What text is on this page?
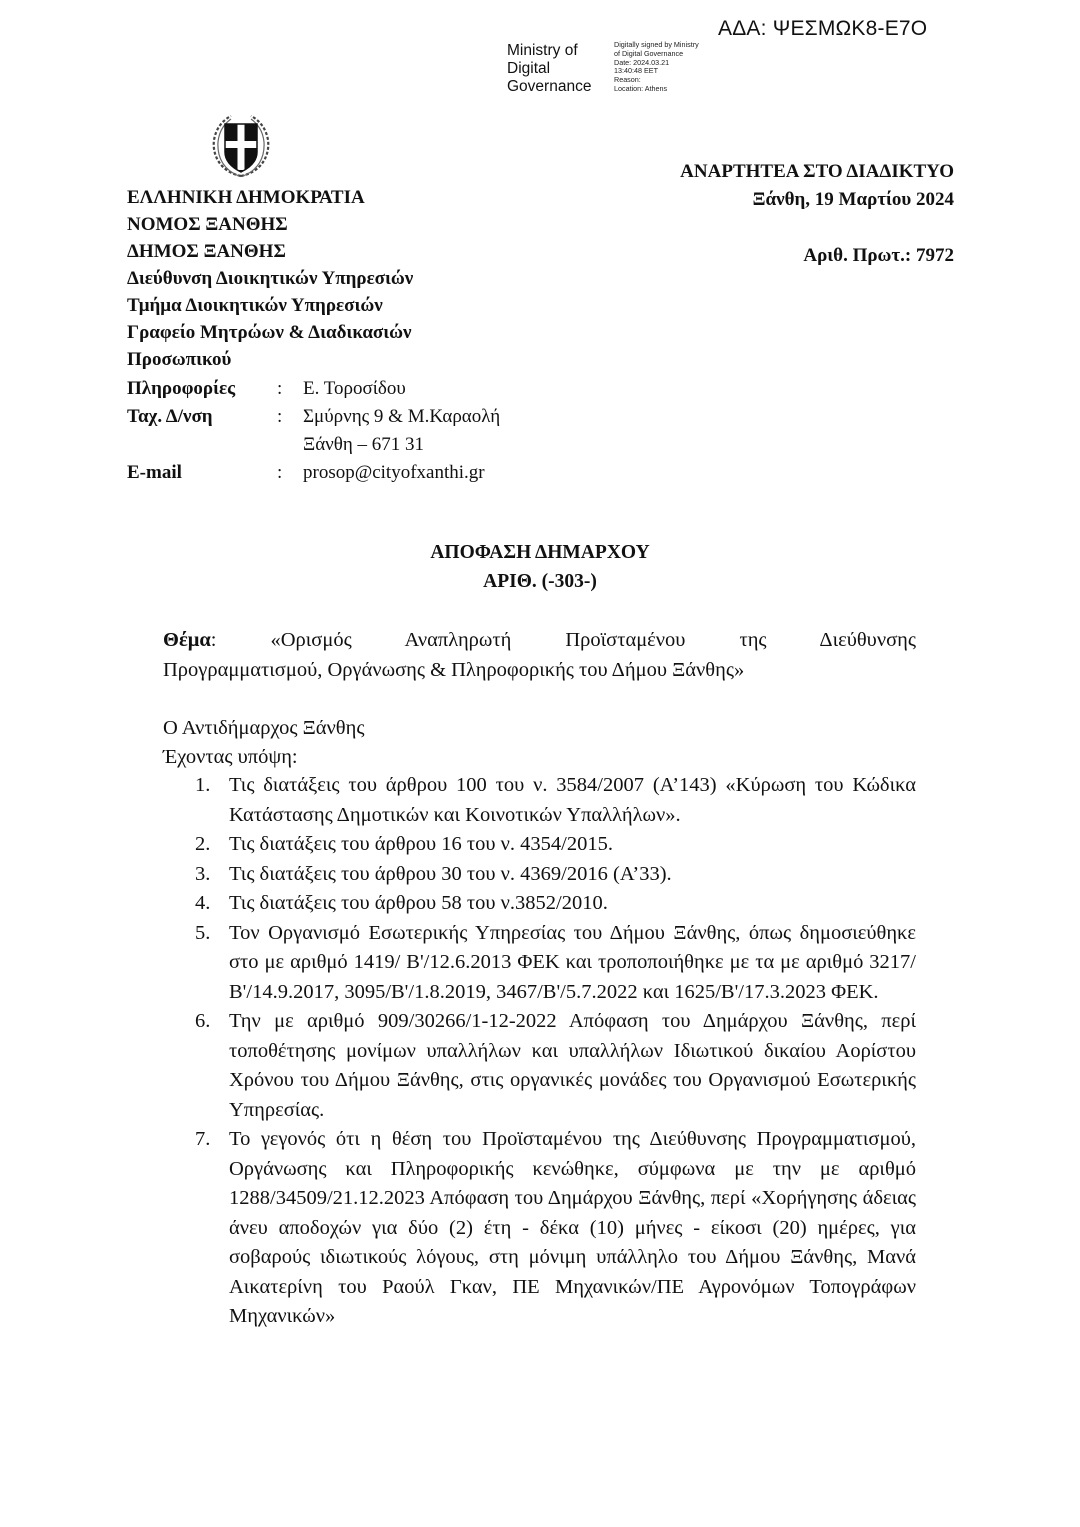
ΑΔΑ: ΨΕΣΜΩΚ8-Ε7Ο
Ministry of
Digital
Governance
Digitally signed by Ministry
of Digital Governance
Date: 2024.03.21
13:40:48 EET
Reason:
Location: Athens
ΕΛΛΗΝΙΚΗ ΔΗΜΟΚΡΑΤΙΑ
ΝΟΜΟΣ ΞΑΝΘΗΣ
ΔΗΜΟΣ ΞΑΝΘΗΣ
Διεύθυνση Διοικητικών Υπηρεσιών
Τμήμα Διοικητικών Υπηρεσιών
Γραφείο Μητρώων & Διαδικασιών
Προσωπικού
ΑΝΑΡΤΗΤΕΑ ΣΤΟ ΔΙΑΔΙΚΤΥΟ
Ξάνθη, 19 Μαρτίου 2024
Αριθ. Πρωτ.: 7972
Πληροφορίες	:	Ε. Τοροσίδου
Ταχ. Δ/νση	:	Σμύρνης 9 & Μ.Καραολή
Ξάνθη – 671 31
E-mail	:	prosop@cityofxanthi.gr
ΑΠΟΦΑΣΗ ΔΗΜΑΡΧΟΥ
ΑΡΙΘ. (-303-)
Θέμα: «Ορισμός Αναπληρωτή Προϊσταμένου της Διεύθυνσης
Προγραμματισμού, Οργάνωσης & Πληροφορικής του Δήμου Ξάνθης»
Ο Αντιδήμαρχος Ξάνθης
Έχοντας υπόψη:
1. Τις διατάξεις του άρθρου 100 του ν. 3584/2007 (Α’143) «Κύρωση του Κώδικα Κατάστασης Δημοτικών και Κοινοτικών Υπαλλήλων».
2. Τις διατάξεις του άρθρου 16 του ν. 4354/2015.
3. Τις διατάξεις του άρθρου 30 του ν. 4369/2016 (Α’33).
4. Τις διατάξεις του άρθρου 58 του ν.3852/2010.
5. Τον Οργανισμό Εσωτερικής Υπηρεσίας του Δήμου Ξάνθης, όπως δημοσιεύθηκε στο με αριθμό 1419/ Β'/12.6.2013 ΦΕΚ και τροποποιήθηκε με τα με αριθμό 3217/Β'/14.9.2017, 3095/Β'/1.8.2019, 3467/Β'/5.7.2022 και 1625/Β'/17.3.2023 ΦΕΚ.
6. Την με αριθμό 909/30266/1-12-2022 Απόφαση του Δημάρχου Ξάνθης, περί τοποθέτησης μονίμων υπαλλήλων και υπαλλήλων Ιδιωτικού δικαίου Αορίστου Χρόνου του Δήμου Ξάνθης, στις οργανικές μονάδες του Οργανισμού Εσωτερικής Υπηρεσίας.
7. Το γεγονός ότι η θέση του Προϊσταμένου της Διεύθυνσης Προγραμματισμού, Οργάνωσης και Πληροφορικής κενώθηκε, σύμφωνα με την με αριθμό 1288/34509/21.12.2023 Απόφαση του Δημάρχου Ξάνθης, περί «Χορήγησης άδειας άνευ αποδοχών για δύο (2) έτη - δέκα (10) μήνες - είκοσι (20) ημέρες, για σοβαρούς ιδιωτικούς λόγους, στη μόνιμη υπάλληλο του Δήμου Ξάνθης, Μανά Αικατερίνη του Ραούλ Γκαν, ΠΕ Μηχανικών/ΠΕ Αγρονόμων Τοπογράφων Μηχανικών»
